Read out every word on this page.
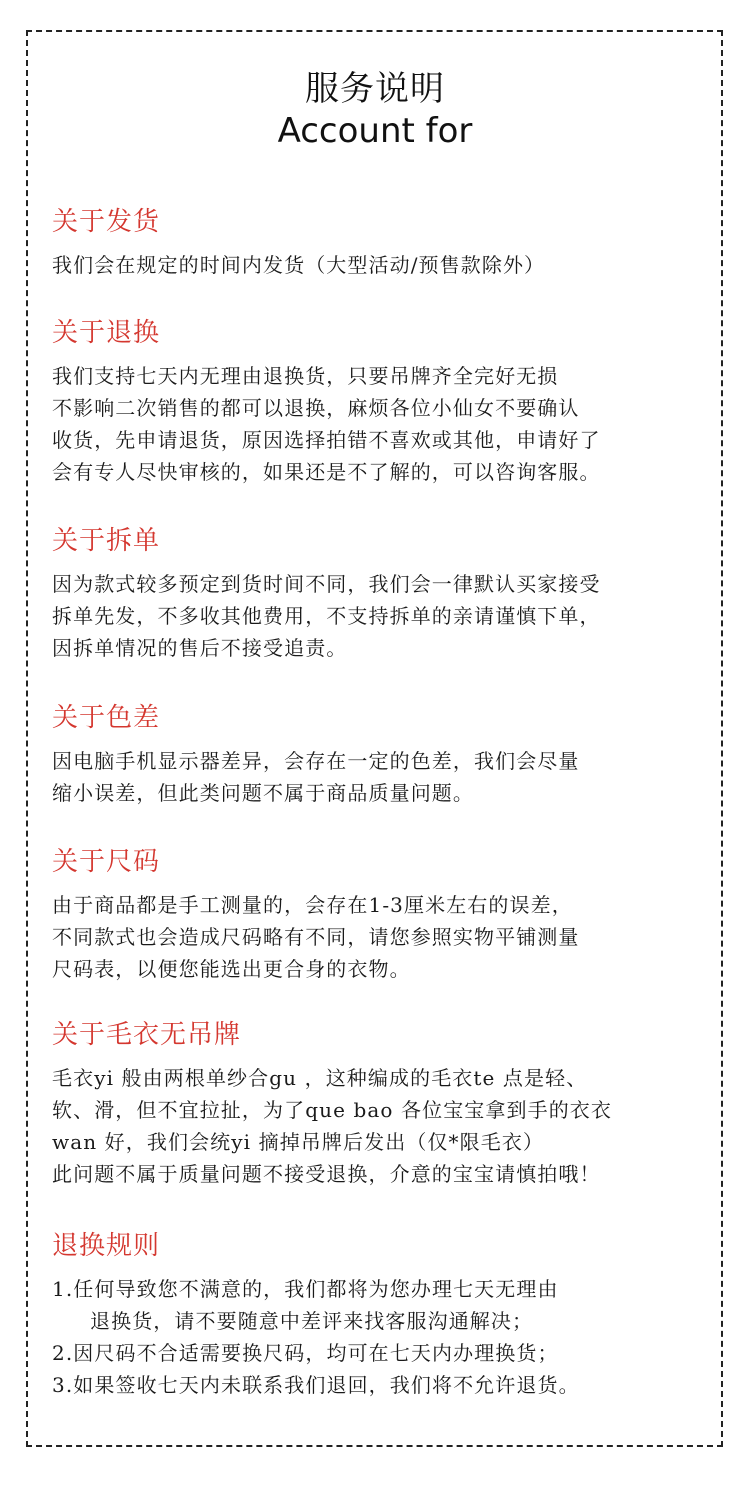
服务说明
Account for
关于发货

我们会在规定的时间内发货（大型活动/预售款除外）

关于退换

我们支持七天内无理由退换货，只要吊牌齐全完好无损

不影响二次销售的都可以退换，麻烦各位小仙女不要确认

收货，先申请退货，原因选择拍错不喜欢或其他，申请好了

会有专人尽快审核的，如果还是不了解的，可以咨询客服。

关于拆单

因为款式较多预定到货时间不同，我们会一律默认买家接受

拆单先发，不多收其他费用，不支持拆单的亲请谨慎下单，

因拆单情况的售后不接受追责。

关于色差

因电脑手机显示器差异，会存在一定的色差，我们会尽量

缩小误差，但此类问题不属于商品质量问题。

关于尺码

由于商品都是手工测量的，会存在1-3厘米左右的误差，

不同款式也会造成尺码略有不同，请您参照实物平铺测量

尺码表，以便您能选出更合身的衣物。

关于毛衣无吊牌

毛衣yi 般由两根单纱合gu ，这种编成的毛衣te 点是轻、

软、滑，但不宜拉扯，为了que bao 各位宝宝拿到手的衣衣

wan 好，我们会统yi 摘掉吊牌后发出（仅*限毛衣）

此问题不属于质量问题不接受退换，介意的宝宝请慎拍哦！

退换规则

1.任何导致您不满意的，我们都将为您办理七天无理由

退换货，请不要随意中差评来找客服沟通解决；

2.因尺码不合适需要换尺码，均可在七天内办理换货；

3.如果签收七天内未联系我们退回，我们将不允许退货。
